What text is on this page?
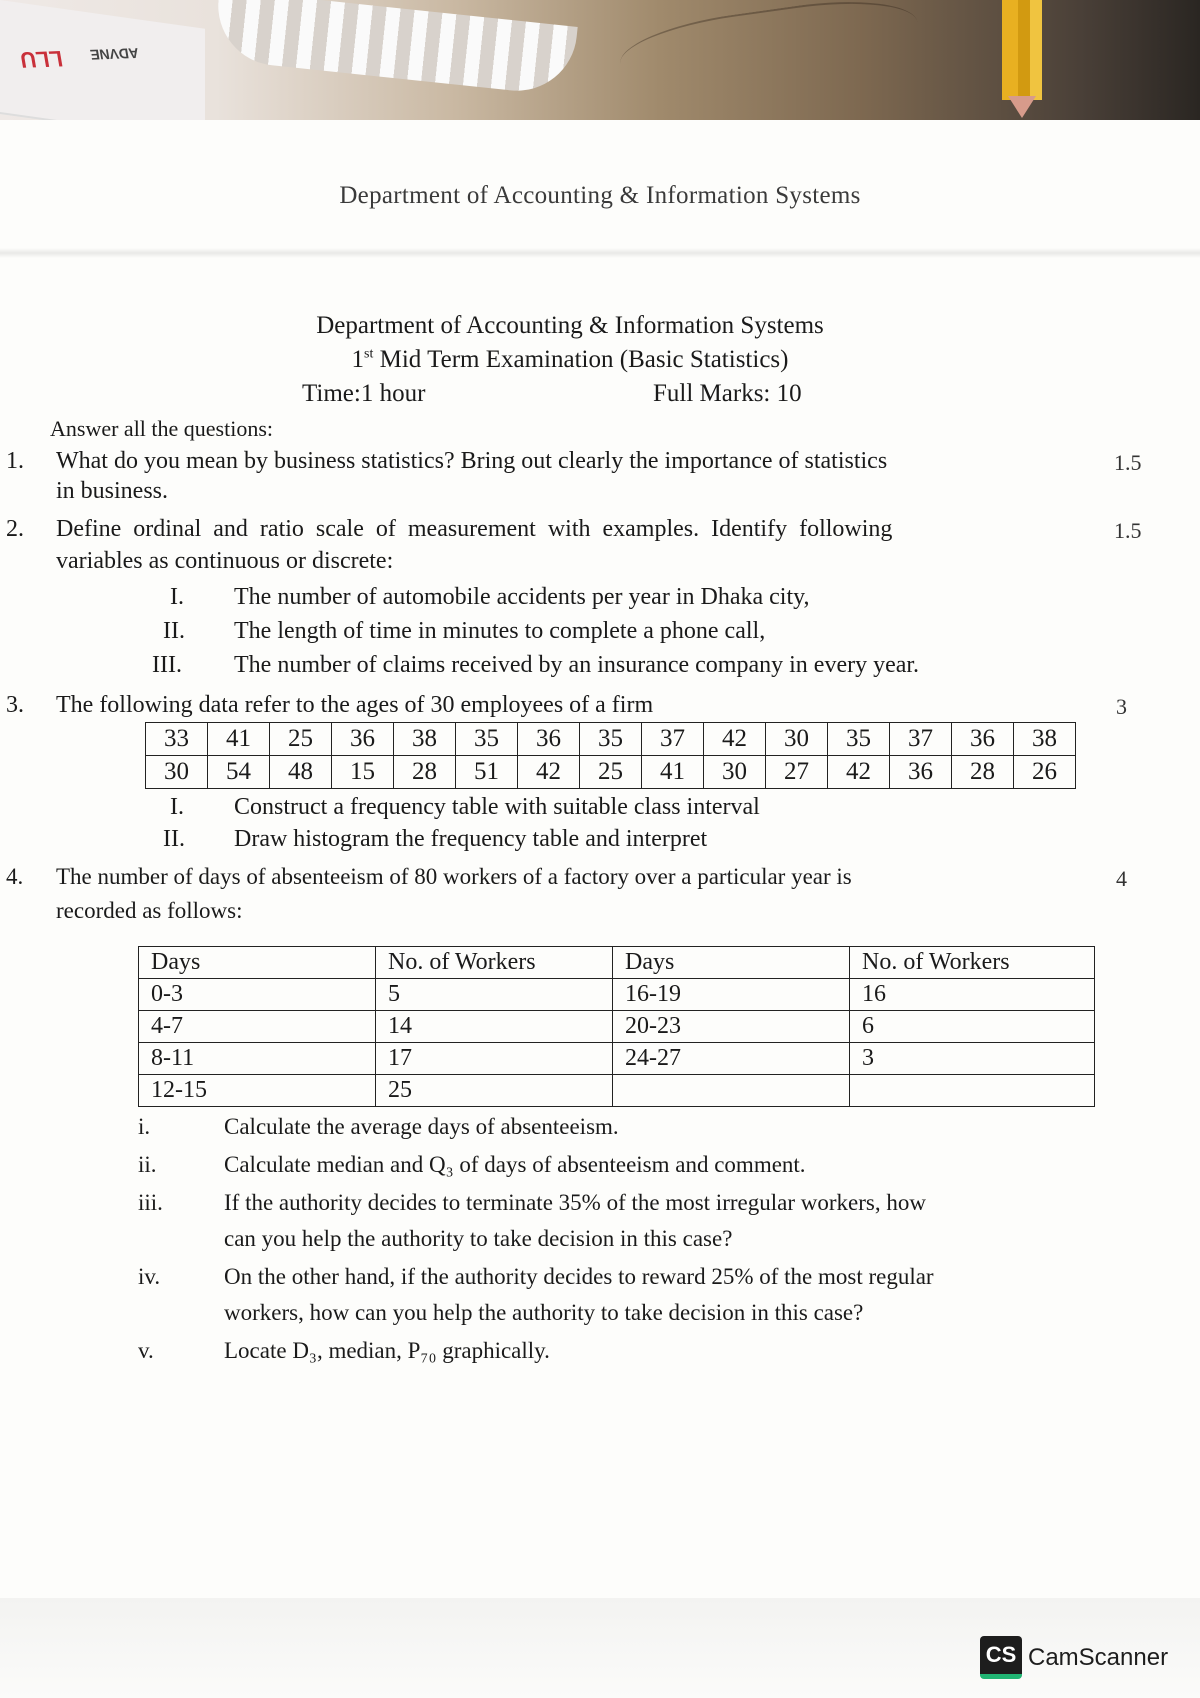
LLU ADVNE
Department of Accounting & Information Systems
Department of Accounting & Information Systems
1st Mid Term Examination (Basic Statistics)
Time:1 hour	Full Marks: 10
Answer all the questions:
1. What do you mean by business statistics? Bring out clearly the importance of statistics
in business.
1.5
2. Define ordinal and ratio scale of measurement with examples. Identify following
variables as continuous or discrete:
1.5
I. The number of automobile accidents per year in Dhaka city,
II. The length of time in minutes to complete a phone call,
III. The number of claims received by an insurance company in every year.
3. The following data refer to the ages of 30 employees of a firm	3
33	41	25	36	38	35	36	35	37	42	30	35	37	36	38
30	54	48	15	28	51	42	25	41	30	27	42	36	28	26
I. Construct a frequency table with suitable class interval
II. Draw histogram the frequency table and interpret
4. The number of days of absenteeism of 80 workers of a factory over a particular year is
recorded as follows:
4
Days	No. of Workers	Days	No. of Workers
0-3	5	16-19	16
4-7	14	20-23	6
8-11	17	24-27	3
12-15	25		
i.	Calculate the average days of absenteeism.
ii.	Calculate median and Q₃ of days of absenteeism and comment.
iii.	If the authority decides to terminate 35% of the most irregular workers, how
can you help the authority to take decision in this case?
iv.	On the other hand, if the authority decides to reward 25% of the most regular
workers, how can you help the authority to take decision in this case?
v.	Locate D₃, median, P₇₀ graphically.
CS CamScanner
